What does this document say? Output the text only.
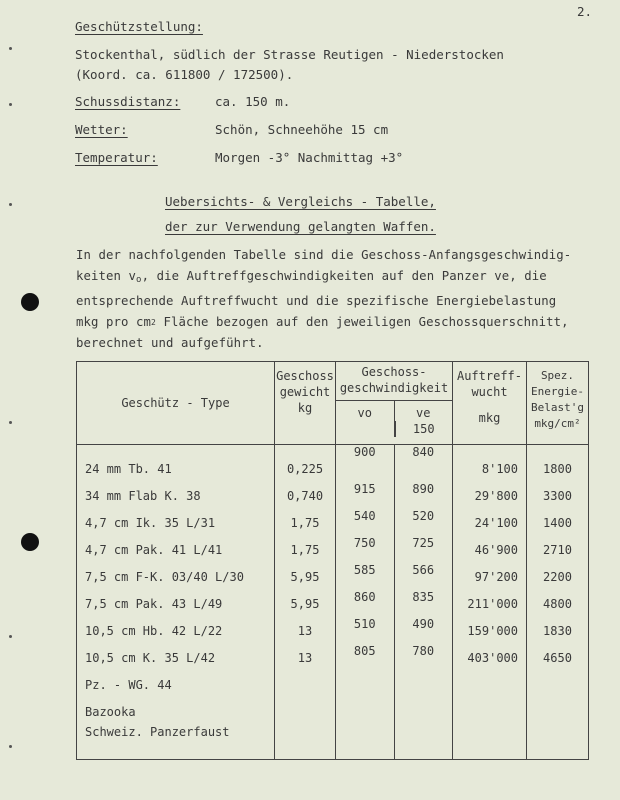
2.
Geschützstellung:
Stockenthal, südlich der Strasse Reutigen - Niederstocken
(Koord. ca. 611800 / 172500).
Schussdistanz:	ca. 150 m.
Wetter:	Schön, Schneehöhe 15 cm
Temperatur:	Morgen -3° Nachmittag +3°
Uebersichts- & Vergleichs - Tabelle,
der zur Verwendung gelangten Waffen.
In der nachfolgenden Tabelle sind die Geschoss-Anfangsgeschwindig-
keiten vo, die Auftreffgeschwindigkeiten auf den Panzer ve, die
entsprechende Auftreffwucht und die spezifische Energiebelastung
mkg pro $cm^2$ Fläche bezogen auf den jeweiligen Geschossquerschnitt,
berechnet und aufgeführt.
Geschütz - Type	Geschoss
gewicht
kg	Geschoss-
geschwindigkeit
vo ve
150	Auftreff-
wucht
mkg	Spez.
Energie-
Belast'g
mkg/cm²

24 mm Tb. 41	0,225	900 840	8'100	1800
34 mm Flab K. 38	0,740	915 890	29'800	3300
4,7 cm Ik. 35 L/31	1,75	540 520	24'100	1400
4,7 cm Pak. 41 L/41	1,75	750 725	46'900	2710
7,5 cm F-K. 03/40 L/30	5,95	585 566	97'200	2200
7,5 cm Pak. 43 L/49	5,95	860 835	211'000	4800
10,5 cm Hb. 42 L/22	13	510 490	159'000	1830
10,5 cm K. 35 L/42	13	805 780	403'000	4650
Pz. - WG. 44		

Bazooka		

Schweiz. Panzerfaust		
